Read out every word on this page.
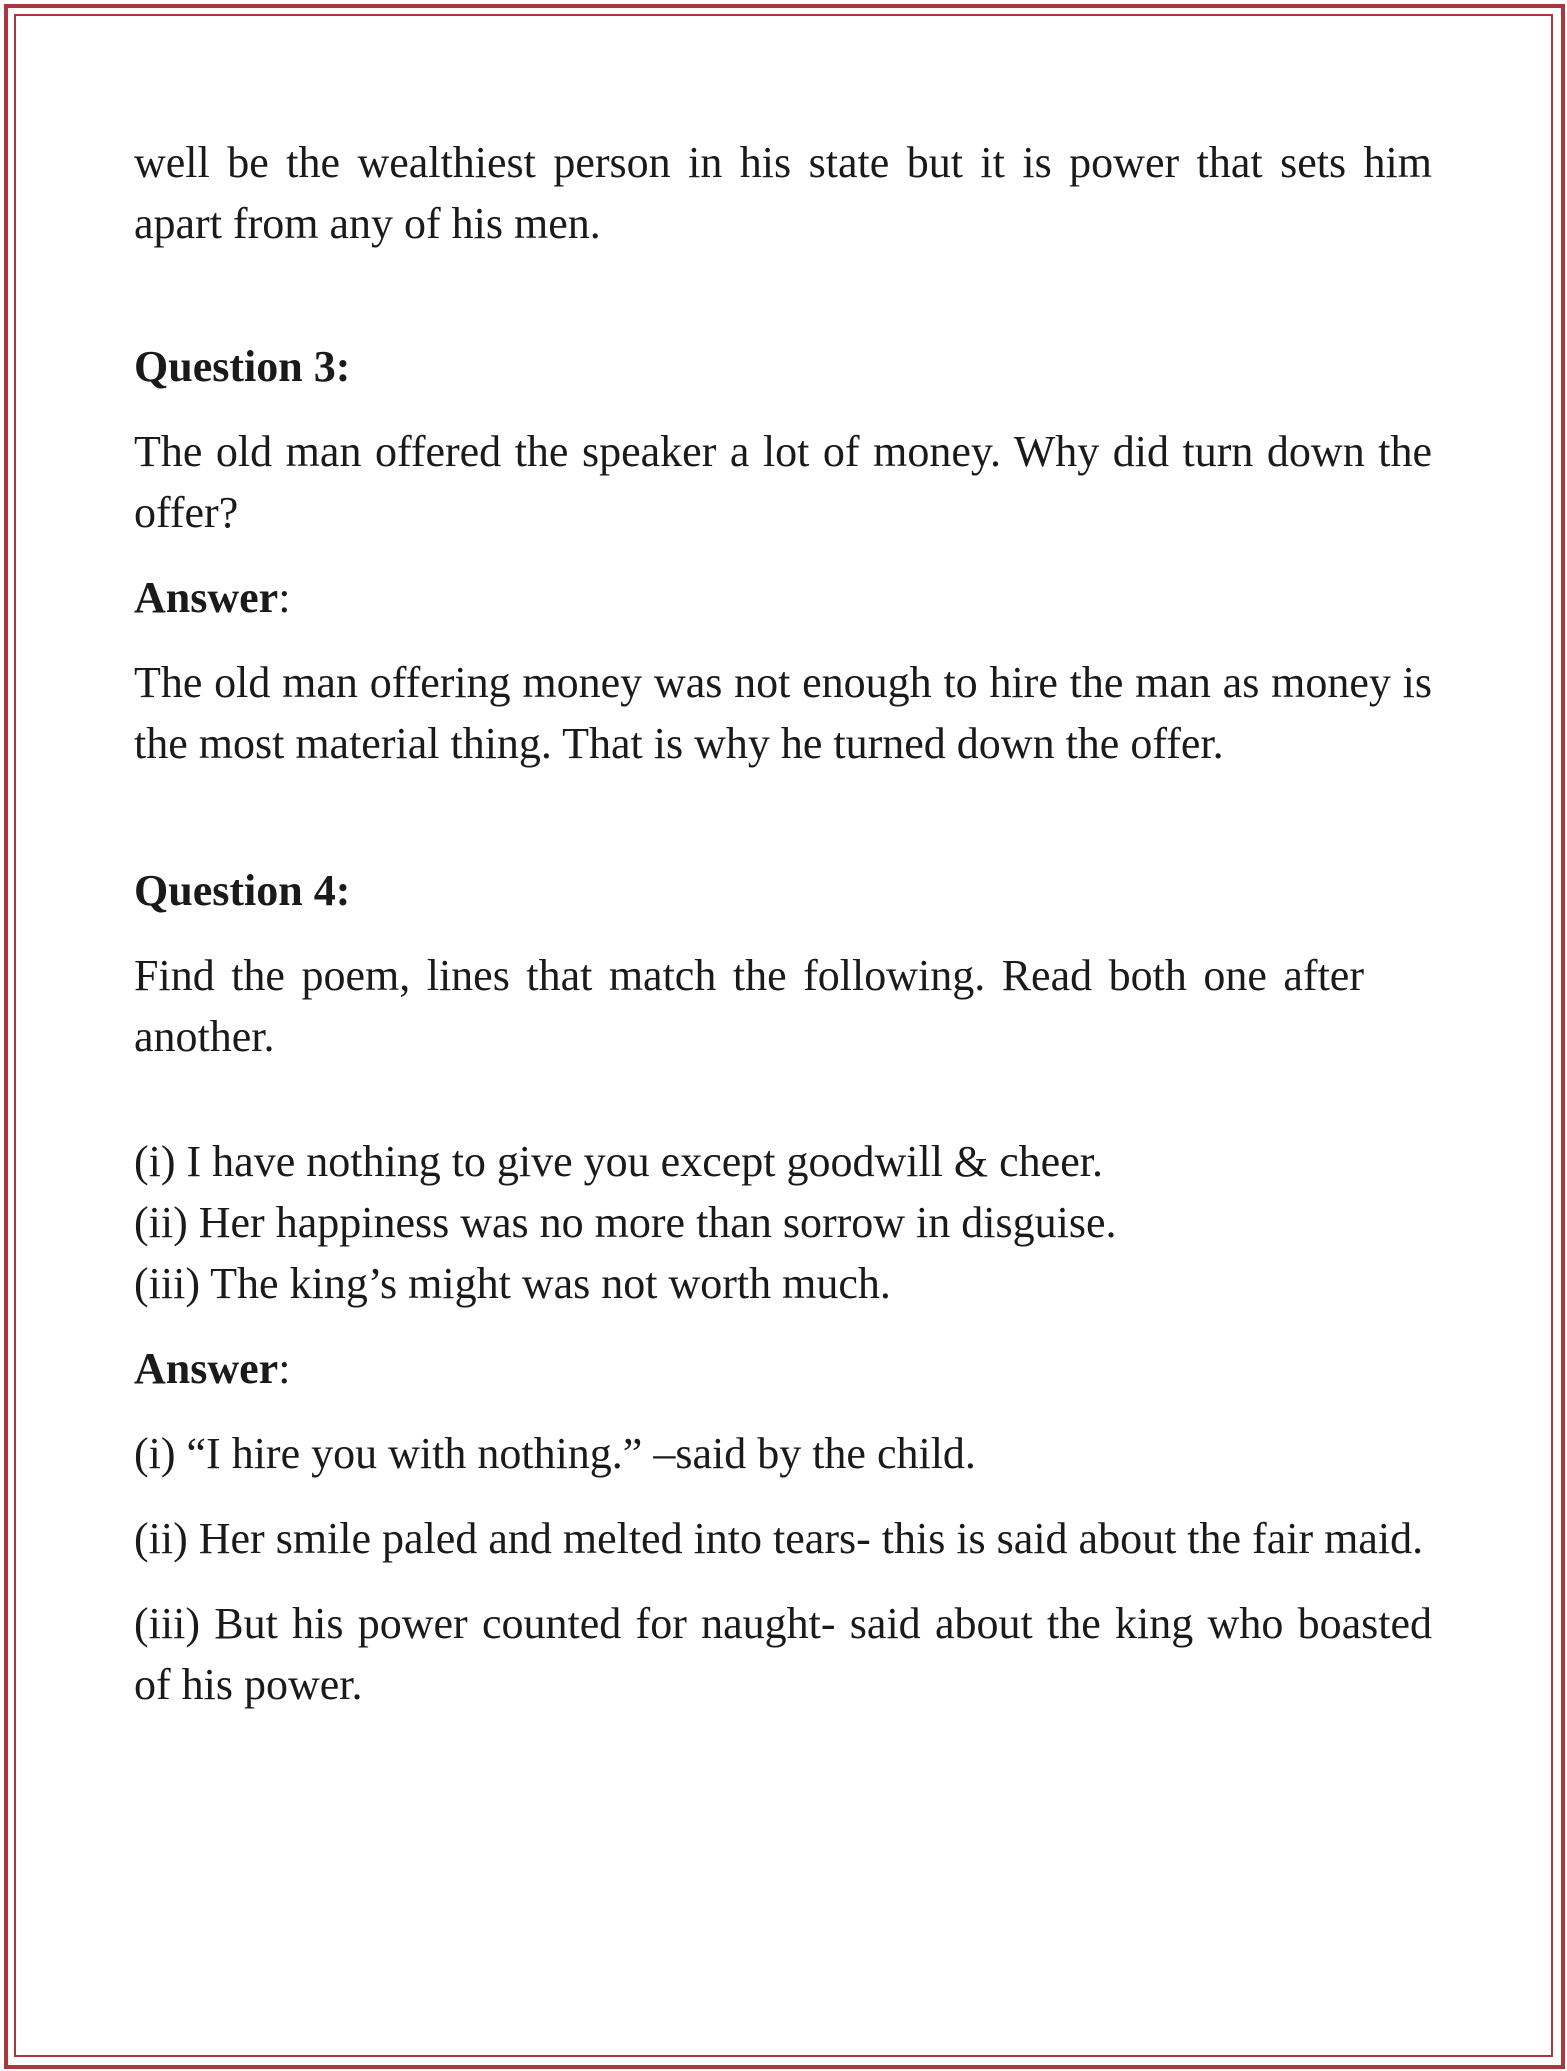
well be the wealthiest person in his state but it is power that sets him apart from any of his men.

Question 3:

The old man offered the speaker a lot of money. Why did turn down the offer?

Answer:

The old man offering money was not enough to hire the man as money is the most material thing. That is why he turned down the offer.

Question 4:

Find the poem, lines that match the following. Read both one after another.

(i) I have nothing to give you except goodwill & cheer.

(ii) Her happiness was no more than sorrow in disguise.

(iii) The king’s might was not worth much.

Answer:

(i) “I hire you with nothing.” –said by the child.

(ii) Her smile paled and melted into tears- this is said about the fair maid.

(iii) But his power counted for naught- said about the king who boasted of his power.
